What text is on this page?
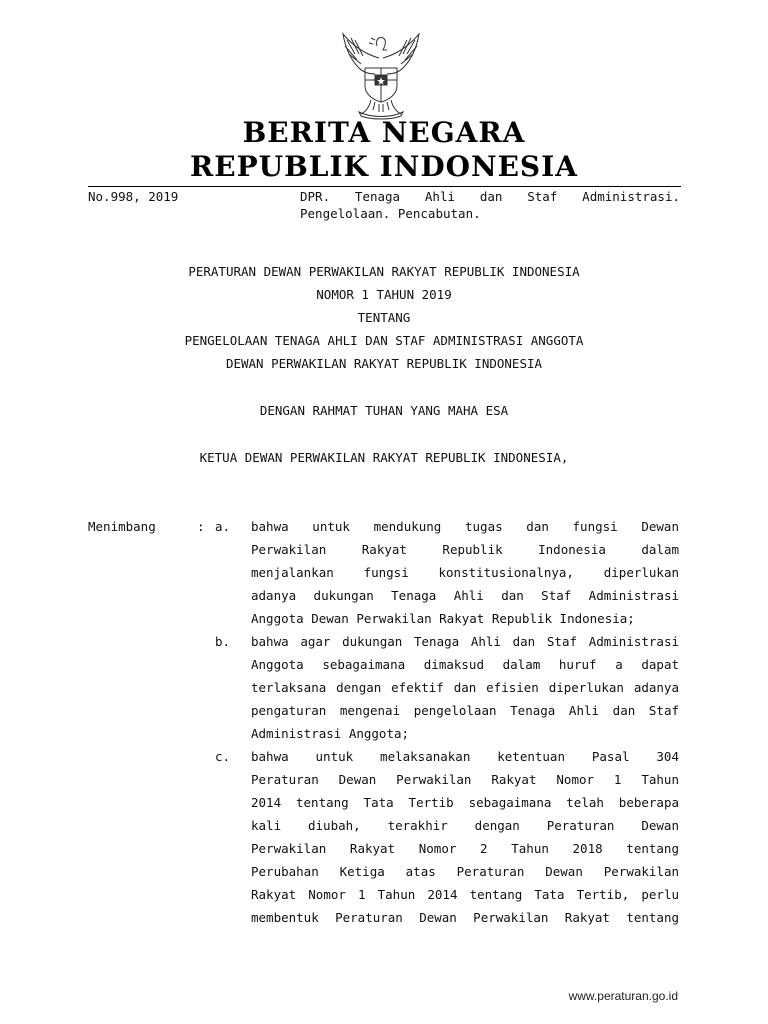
BERITA NEGARA
REPUBLIK INDONESIA
No.998, 2019	DPR. Tenaga Ahli dan Staf Administrasi.
Pengelolaan. Pencabutan.
PERATURAN DEWAN PERWAKILAN RAKYAT REPUBLIK INDONESIA
NOMOR 1 TAHUN 2019
TENTANG
PENGELOLAAN TENAGA AHLI DAN STAF ADMINISTRASI ANGGOTA
DEWAN PERWAKILAN RAKYAT REPUBLIK INDONESIA
DENGAN RAHMAT TUHAN YANG MAHA ESA
KETUA DEWAN PERWAKILAN RAKYAT REPUBLIK INDONESIA,
Menimbang	: a. bahwa untuk mendukung tugas dan fungsi Dewan
Perwakilan Rakyat Republik Indonesia dalam
menjalankan fungsi konstitusionalnya, diperlukan
adanya dukungan Tenaga Ahli dan Staf Administrasi
Anggota Dewan Perwakilan Rakyat Republik Indonesia;
b. bahwa agar dukungan Tenaga Ahli dan Staf Administrasi
Anggota sebagaimana dimaksud dalam huruf a dapat
terlaksana dengan efektif dan efisien diperlukan adanya
pengaturan mengenai pengelolaan Tenaga Ahli dan Staf
Administrasi Anggota;
c. bahwa untuk melaksanakan ketentuan Pasal 304
Peraturan Dewan Perwakilan Rakyat Nomor 1 Tahun
2014 tentang Tata Tertib sebagaimana telah beberapa
kali diubah, terakhir dengan Peraturan Dewan
Perwakilan Rakyat Nomor 2 Tahun 2018 tentang
Perubahan Ketiga atas Peraturan Dewan Perwakilan
Rakyat Nomor 1 Tahun 2014 tentang Tata Tertib, perlu
membentuk Peraturan Dewan Perwakilan Rakyat tentang
www.peraturan.go.id
